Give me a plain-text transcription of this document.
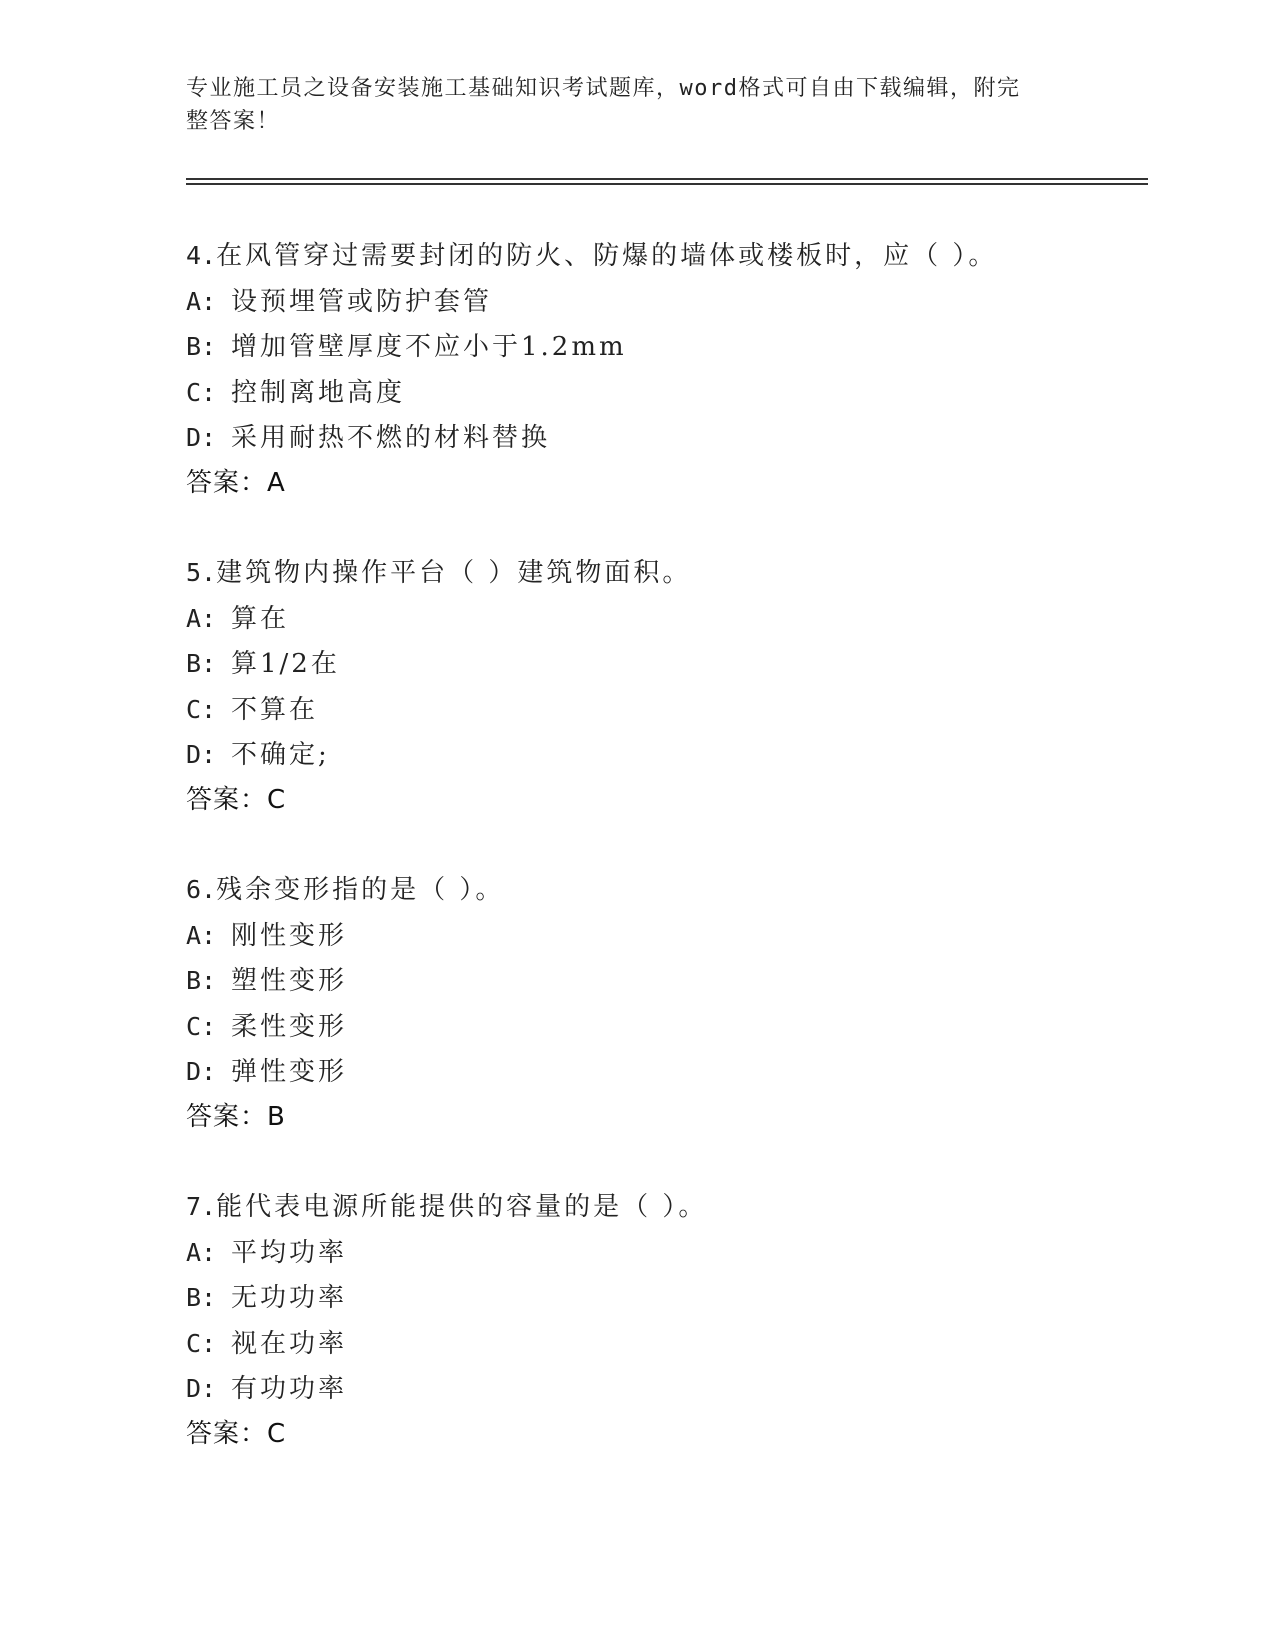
专业施工员之设备安装施工基础知识考试题库，word格式可自由下载编辑，附完
整答案！
4.在风管穿过需要封闭的防火、防爆的墙体或楼板时，应（ ）。
A: 设预埋管或防护套管
B: 增加管壁厚度不应小于1.2mm
C: 控制离地高度
D: 采用耐热不燃的材料替换
答案：A
5.建筑物内操作平台（ ）建筑物面积。
A: 算在
B: 算1/2在
C: 不算在
D: 不确定;
答案：C
6.残余变形指的是（ ）。
A: 刚性变形
B: 塑性变形
C: 柔性变形
D: 弹性变形
答案：B
7.能代表电源所能提供的容量的是（ ）。
A: 平均功率
B: 无功功率
C: 视在功率
D: 有功功率
答案：C
